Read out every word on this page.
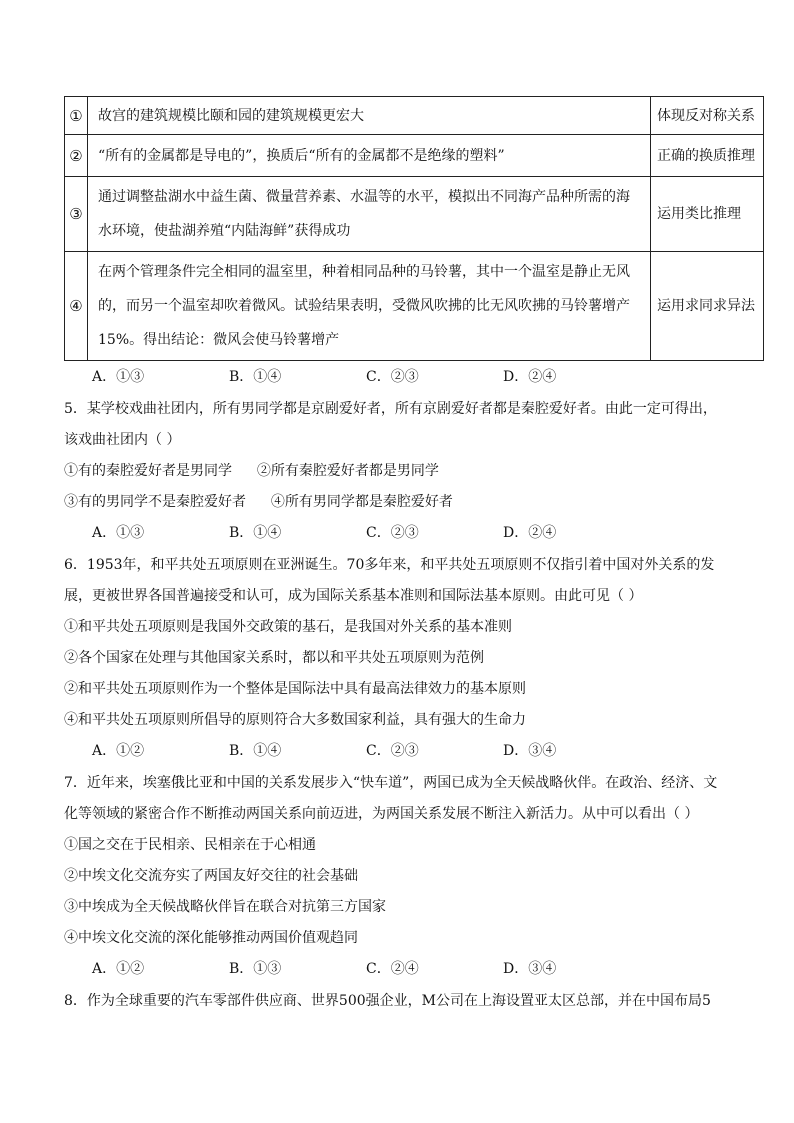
①	故宫的建筑规模比颐和园的建筑规模更宏大	体现反对称关系
②	“所有的金属都是导电的”，换质后“所有的金属都不是绝缘的塑料”	正确的换质推理
③	通过调整盐湖水中益生菌、微量营养素、水温等的水平，模拟出不同海产品种所需的海水环境，使盐湖养殖“内陆海鲜”获得成功	运用类比推理
④	在两个管理条件完全相同的温室里，种着相同品种的马铃薯，其中一个温室是静止无风的，而另一个温室却吹着微风。试验结果表明，受微风吹拂的比无风吹拂的马铃薯增产15%。得出结论：微风会使马铃薯增产	运用求同求异法
A．①③	B．①④	C．②③	D．②④
5．某学校戏曲社团内，所有男同学都是京剧爱好者，所有京剧爱好者都是秦腔爱好者。由此一定可得出，
该戏曲社团内（ ）
①有的秦腔爱好者是男同学 ②所有秦腔爱好者都是男同学
③有的男同学不是秦腔爱好者 ④所有男同学都是秦腔爱好者
A．①③	B．①④	C．②③	D．②④
6．1953年，和平共处五项原则在亚洲诞生。70多年来，和平共处五项原则不仅指引着中国对外关系的发
展，更被世界各国普遍接受和认可，成为国际关系基本准则和国际法基本原则。由此可见（ ）
①和平共处五项原则是我国外交政策的基石，是我国对外关系的基本准则
②各个国家在处理与其他国家关系时，都以和平共处五项原则为范例
②和平共处五项原则作为一个整体是国际法中具有最高法律效力的基本原则
④和平共处五项原则所倡导的原则符合大多数国家利益，具有强大的生命力
A．①②	B．①④	C．②③	D．③④
7．近年来，埃塞俄比亚和中国的关系发展步入“快车道”，两国已成为全天候战略伙伴。在政治、经济、文
化等领域的紧密合作不断推动两国关系向前迈进，为两国关系发展不断注入新活力。从中可以看出（ ）
①国之交在于民相亲、民相亲在于心相通
②中埃文化交流夯实了两国友好交往的社会基础
③中埃成为全天候战略伙伴旨在联合对抗第三方国家
④中埃文化交流的深化能够推动两国价值观趋同
A．①②	B．①③	C．②④	D．③④
8．作为全球重要的汽车零部件供应商、世界500强企业，M公司在上海设置亚太区总部，并在中国布局5
